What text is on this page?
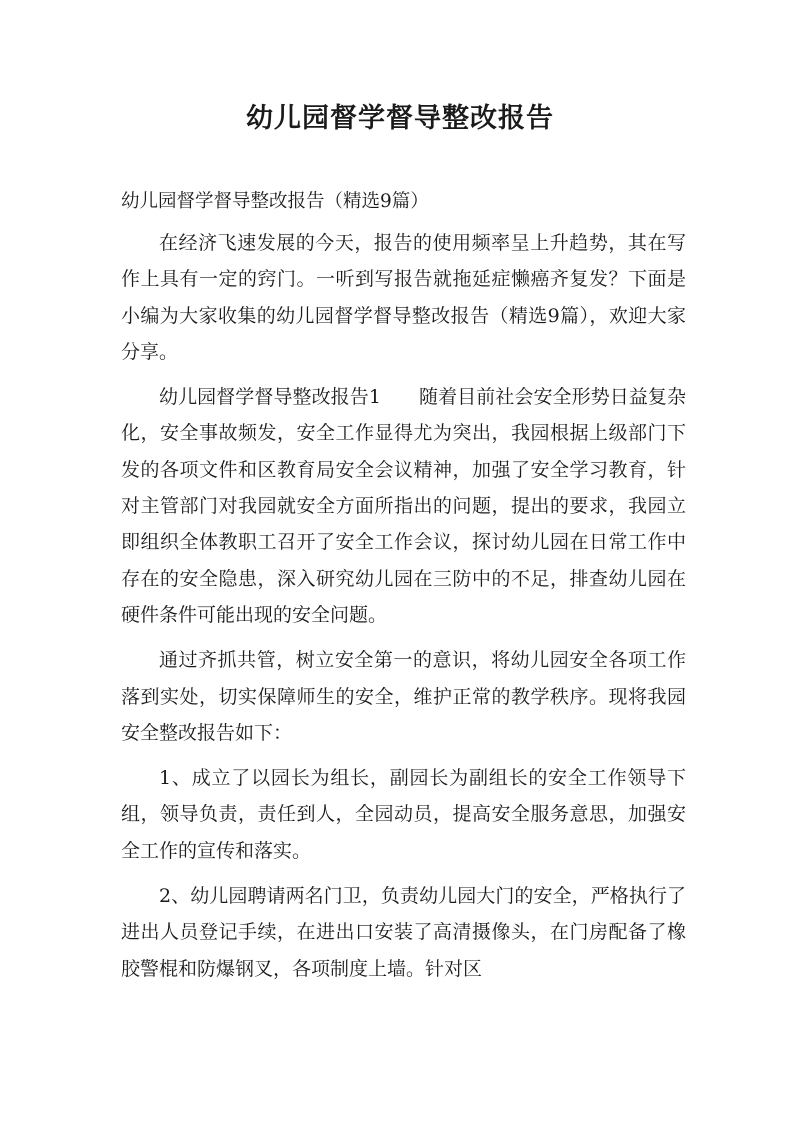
幼儿园督学督导整改报告

幼儿园督学督导整改报告（精选9篇）

在经济飞速发展的今天，报告的使用频率呈上升趋势，其在写作上具有一定的窍门。一听到写报告就拖延症懒癌齐复发？下面是小编为大家收集的幼儿园督学督导整改报告（精选9篇），欢迎大家分享。

幼儿园督学督导整改报告1 随着目前社会安全形势日益复杂化，安全事故频发，安全工作显得尤为突出，我园根据上级部门下发的各项文件和区教育局安全会议精神，加强了安全学习教育，针对主管部门对我园就安全方面所指出的问题，提出的要求，我园立即组织全体教职工召开了安全工作会议，探讨幼儿园在日常工作中存在的安全隐患，深入研究幼儿园在三防中的不足，排查幼儿园在硬件条件可能出现的安全问题。

通过齐抓共管，树立安全第一的意识，将幼儿园安全各项工作落到实处，切实保障师生的安全，维护正常的教学秩序。现将我园安全整改报告如下：

1、成立了以园长为组长，副园长为副组长的安全工作领导下组，领导负责，责任到人，全园动员，提高安全服务意思，加强安全工作的宣传和落实。

2、幼儿园聘请两名门卫，负责幼儿园大门的安全，严格执行了进出人员登记手续，在进出口安装了高清摄像头，在门房配备了橡胶警棍和防爆钢叉，各项制度上墙。针对区
